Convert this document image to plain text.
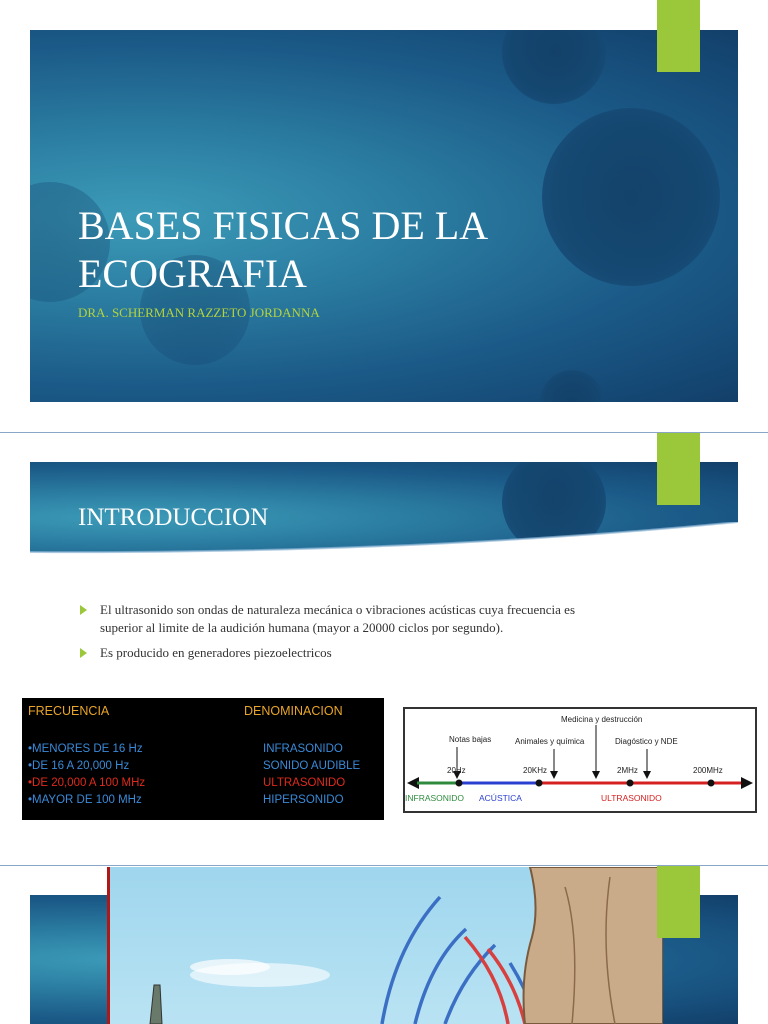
BASES FISICAS DE LA
ECOGRAFIA
DRA. SCHERMAN RAZZETO JORDANNA
INTRODUCCION
El ultrasonido son ondas de naturaleza mecánica o vibraciones acústicas cuya frecuencia es superior al limite de la audición humana (mayor a 20000 ciclos por segundo).
Es producido en generadores piezoelectricos
FRECUENCIA	DENOMINACION
•MENORES DE 16 Hz	INFRASONIDO
•DE 16 A 20,000 Hz	SONIDO AUDIBLE
•DE 20,000 A 100 MHz	ULTRASONIDO
•MAYOR DE 100 MHz	HIPERSONIDO
Medicina y destrucción
Notas bajas	Animales y química	Diagóstico y NDE
20Hz	20KHz	2MHz	200MHz
INFRASONIDO ACÚSTICA	ULTRASONIDO
